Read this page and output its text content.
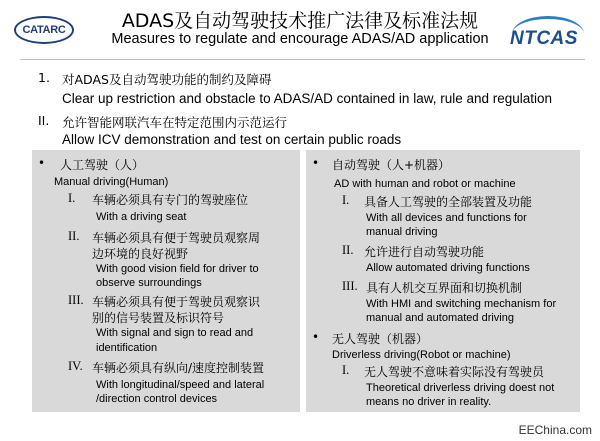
CATARC	ADAS及自动驾驶技术推广法律及标准法规
Measures to regulate and encourage ADAS/AD application	NTCAS
1. 对ADAS及自动驾驶功能的制约及障碍
Clear up restriction and obstacle to ADAS/AD contained in law, rule and regulation
II. 允许智能网联汽车在特定范围内示范运行
Allow ICV demonstration and test on certain public roads
• 人工驾驶（人）
Manual driving(Human)
I. 车辆必须具有专门的驾驶座位
With a driving seat
II. 车辆必须具有便于驾驶员观察周
边环境的良好视野
With good vision field for driver to
observe surroundings
III. 车辆必须具有便于驾驶员观察识
别的信号装置及标识符号
With signal and sign to read and
identification
IV. 车辆必须具有纵向/速度控制装置
With longitudinal/speed and lateral
/direction control devices
• 自动驾驶（人+机器）
AD with human and robot or machine
I. 具备人工驾驶的全部装置及功能
With all devices and functions for
manual driving
II. 允许进行自动驾驶功能
Allow automated driving functions
III. 具有人机交互界面和切换机制
With HMI and switching mechanism for
manual and automated driving
• 无人驾驶（机器）
Driverless driving(Robot or machine)
I. 无人驾驶不意味着实际没有驾驶员
Theoretical driverless driving doest not
means no driver in reality.
EEChina.com
